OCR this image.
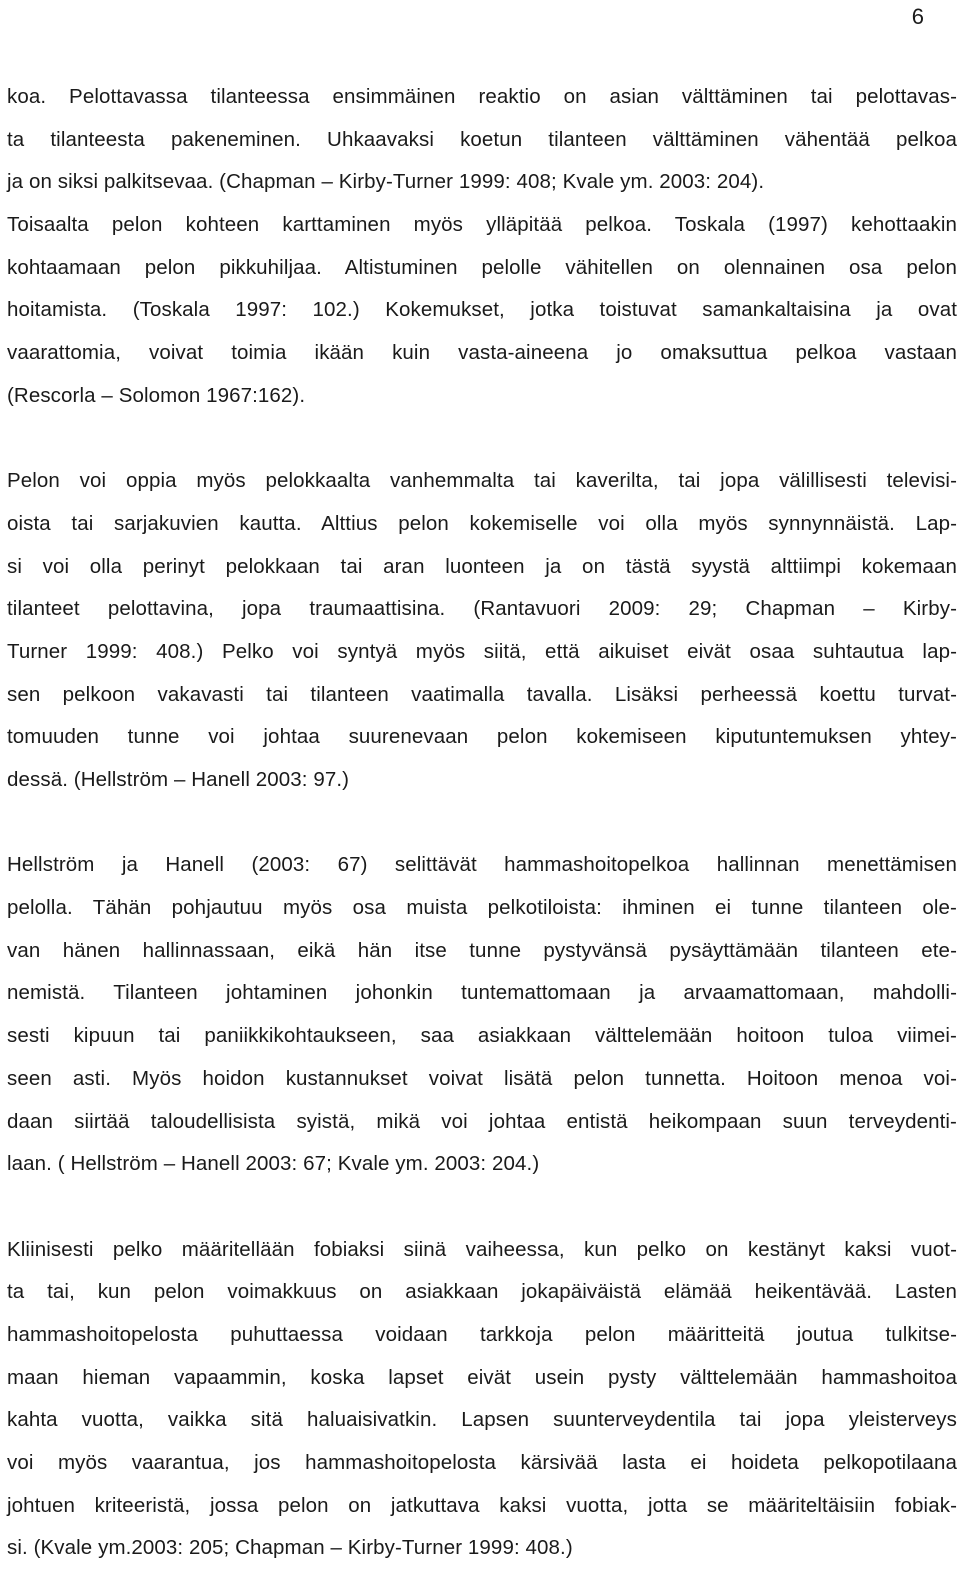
6
koa. Pelottavassa tilanteessa ensimmäinen reaktio on asian välttäminen tai pelottavas-
ta tilanteesta pakeneminen. Uhkaavaksi koetun tilanteen välttäminen vähentää pelkoa
ja on siksi palkitsevaa. (Chapman – Kirby-Turner 1999: 408; Kvale ym. 2003: 204).
Toisaalta pelon kohteen karttaminen myös ylläpitää pelkoa. Toskala (1997) kehottaakin
kohtaamaan pelon pikkuhiljaa. Altistuminen pelolle vähitellen on olennainen osa pelon
hoitamista. (Toskala 1997: 102.) Kokemukset, jotka toistuvat samankaltaisina ja ovat
vaarattomia, voivat toimia ikään kuin vasta-aineena jo omaksuttua pelkoa vastaan
(Rescorla – Solomon 1967:162).
Pelon voi oppia myös pelokkaalta vanhemmalta tai kaverilta, tai jopa välillisesti televisi-
oista tai sarjakuvien kautta. Alttius pelon kokemiselle voi olla myös synnynnäistä. Lap-
si voi olla perinyt pelokkaan tai aran luonteen ja on tästä syystä alttiimpi kokemaan
tilanteet pelottavina, jopa traumaattisina. (Rantavuori 2009: 29; Chapman – Kirby-
Turner 1999: 408.) Pelko voi syntyä myös siitä, että aikuiset eivät osaa suhtautua lap-
sen pelkoon vakavasti tai tilanteen vaatimalla tavalla. Lisäksi perheessä koettu turvat-
tomuuden tunne voi johtaa suurenevaan pelon kokemiseen kiputuntemuksen yhtey-
dessä. (Hellström – Hanell 2003: 97.)
Hellström ja Hanell (2003: 67) selittävät hammashoitopelkoa hallinnan menettämisen
pelolla. Tähän pohjautuu myös osa muista pelkotiloista: ihminen ei tunne tilanteen ole-
van hänen hallinnassaan, eikä hän itse tunne pystyvänsä pysäyttämään tilanteen ete-
nemistä. Tilanteen johtaminen johonkin tuntemattomaan ja arvaamattomaan, mahdolli-
sesti kipuun tai paniikkikohtaukseen, saa asiakkaan välttelemään hoitoon tuloa viimei-
seen asti. Myös hoidon kustannukset voivat lisätä pelon tunnetta. Hoitoon menoa voi-
daan siirtää taloudellisista syistä, mikä voi johtaa entistä heikompaan suun terveydenti-
laan. ( Hellström – Hanell 2003: 67; Kvale ym. 2003: 204.)
Kliinisesti pelko määritellään fobiaksi siinä vaiheessa, kun pelko on kestänyt kaksi vuot-
ta tai, kun pelon voimakkuus on asiakkaan jokapäiväistä elämää heikentävää. Lasten
hammashoitopelosta puhuttaessa voidaan tarkkoja pelon määritteitä joutua tulkitse-
maan hieman vapaammin, koska lapset eivät usein pysty välttelemään hammashoitoa
kahta vuotta, vaikka sitä haluaisivatkin. Lapsen suunterveydentila tai jopa yleisterveys
voi myös vaarantua, jos hammashoitopelosta kärsivää lasta ei hoideta pelkopotilaana
johtuen kriteeristä, jossa pelon on jatkuttava kaksi vuotta, jotta se määriteltäisiin fobiak-
si. (Kvale ym.2003: 205; Chapman – Kirby-Turner 1999: 408.)
